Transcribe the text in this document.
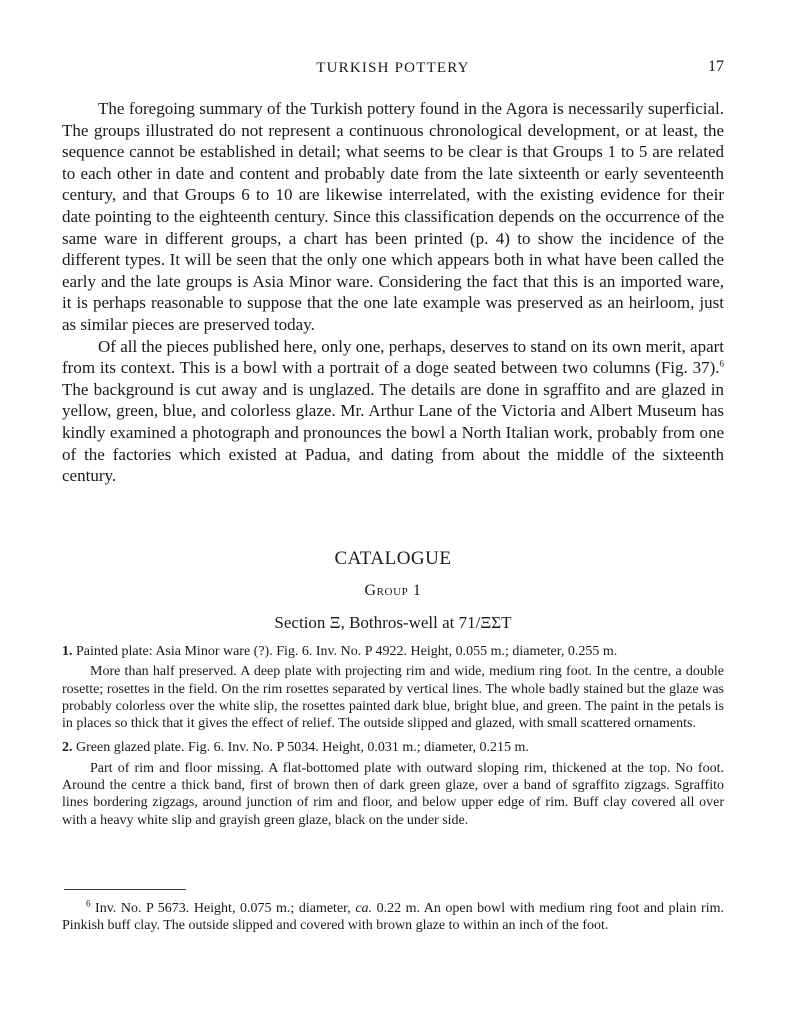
TURKISH POTTERY	17

The foregoing summary of the Turkish pottery found in the Agora is necessarily superficial. The groups illustrated do not represent a continuous chronological development, or at least, the sequence cannot be established in detail; what seems to be clear is that Groups 1 to 5 are related to each other in date and content and probably date from the late sixteenth or early seventeenth century, and that Groups 6 to 10 are likewise interrelated, with the existing evidence for their date pointing to the eighteenth century. Since this classification depends on the occurrence of the same ware in different groups, a chart has been printed (p. 4) to show the incidence of the different types. It will be seen that the only one which appears both in what have been called the early and the late groups is Asia Minor ware. Considering the fact that this is an imported ware, it is perhaps reasonable to suppose that the one late example was preserved as an heirloom, just as similar pieces are preserved today.

Of all the pieces published here, only one, perhaps, deserves to stand on its own merit, apart from its context. This is a bowl with a portrait of a doge seated between two columns (Fig. 37).$^6$ The background is cut away and is unglazed. The details are done in sgraffito and are glazed in yellow, green, blue, and colorless glaze. Mr. Arthur Lane of the Victoria and Albert Museum has kindly examined a photograph and pronounces the bowl a North Italian work, probably from one of the factories which existed at Padua, and dating from about the middle of the sixteenth century.

CATALOGUE
Group 1
Section Ξ, Bothros-well at 71/ΞΣΤ

1. Painted plate: Asia Minor ware (?). Fig. 6. Inv. No. P 4922. Height, 0.055 m.; diameter, 0.255 m.

More than half preserved. A deep plate with projecting rim and wide, medium ring foot. In the centre, a double rosette; rosettes in the field. On the rim rosettes separated by vertical lines. The whole badly stained but the glaze was probably colorless over the white slip, the rosettes painted dark blue, bright blue, and green. The paint in the petals is in places so thick that it gives the effect of relief. The outside slipped and glazed, with small scattered ornaments.

2. Green glazed plate. Fig. 6. Inv. No. P 5034. Height, 0.031 m.; diameter, 0.215 m.

Part of rim and floor missing. A flat-bottomed plate with outward sloping rim, thickened at the top. No foot. Around the centre a thick band, first of brown then of dark green glaze, over a band of sgraffito zigzags. Sgraffito lines bordering zigzags, around junction of rim and floor, and below upper edge of rim. Buff clay covered all over with a heavy white slip and grayish green glaze, black on the under side.

$^6$ Inv. No. P 5673. Height, 0.075 m.; diameter, ca. 0.22 m. An open bowl with medium ring foot and plain rim. Pinkish buff clay. The outside slipped and covered with brown glaze to within an inch of the foot.
